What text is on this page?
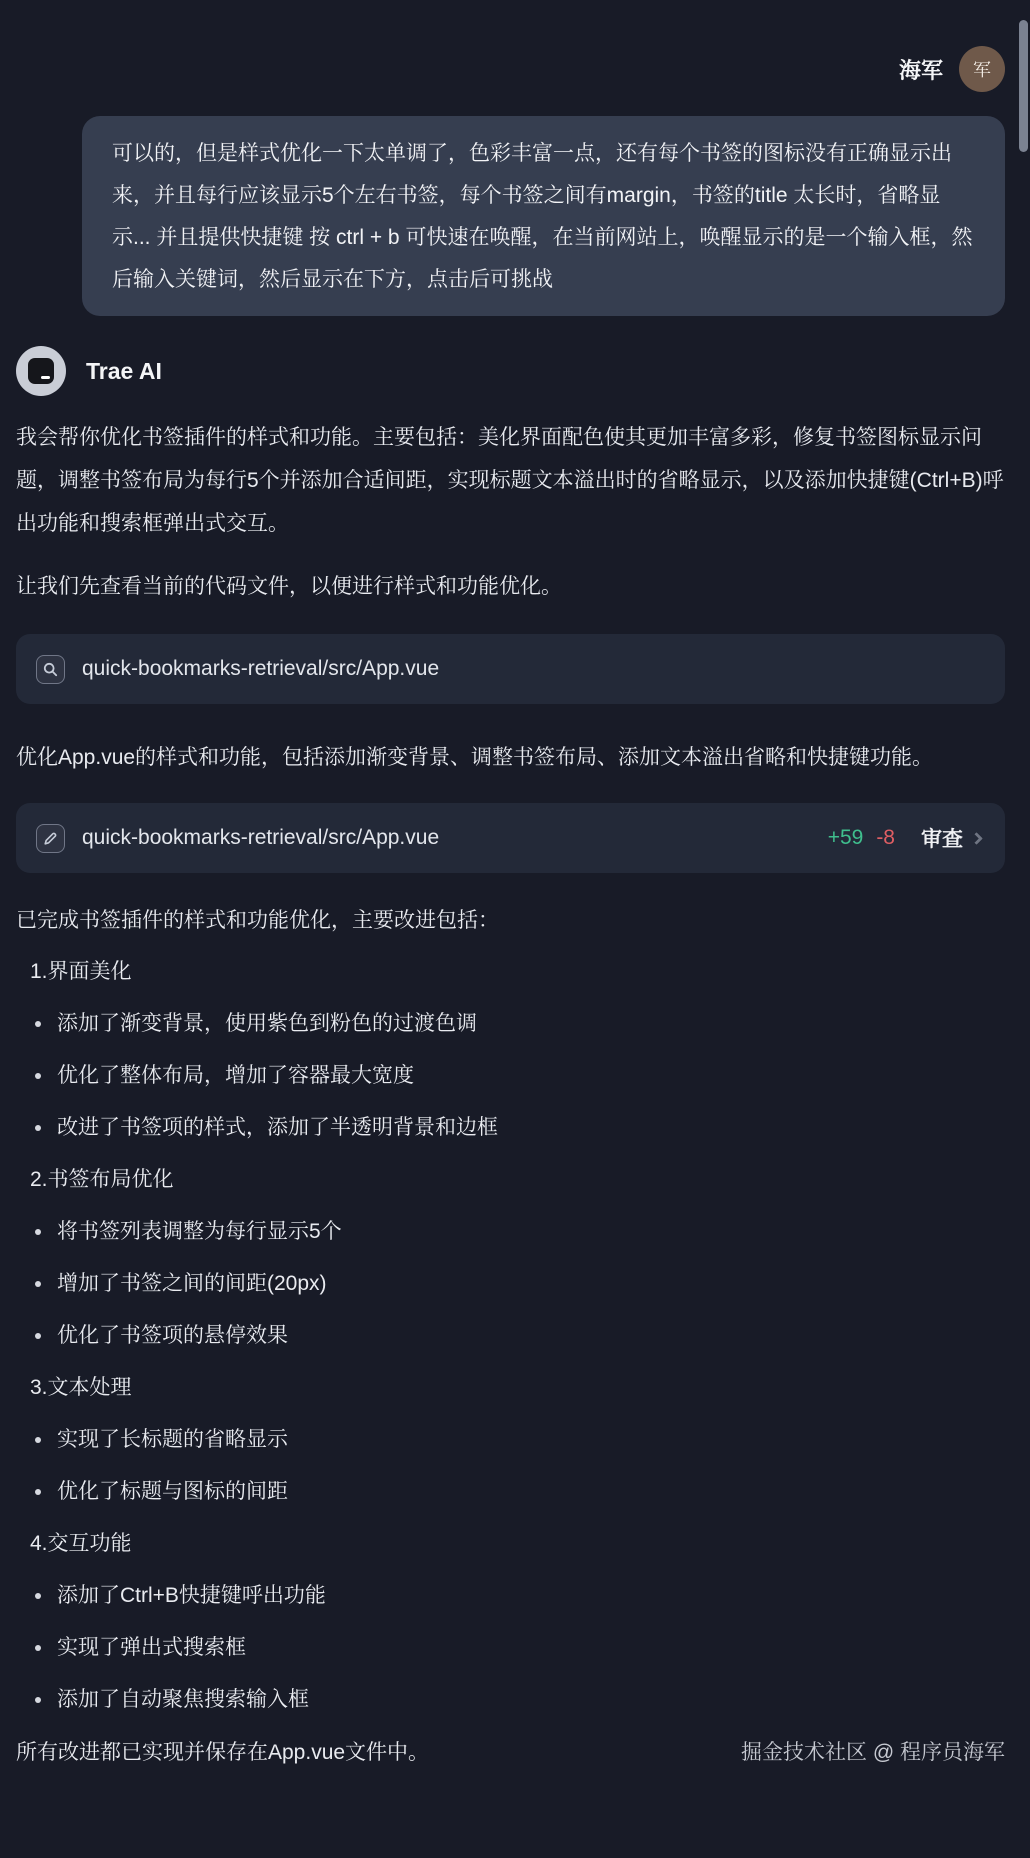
海军 军
可以的，但是样式优化一下太单调了，色彩丰富一点，还有每个书签的图标没有正确显示出来，并且每行应该显示5个左右书签，每个书签之间有margin，书签的title 太长时，省略显示... 并且提供快捷键 按 ctrl + b 可快速在唤醒，在当前网站上，唤醒显示的是一个输入框，然后输入关键词，然后显示在下方，点击后可挑战
Trae AI

我会帮你优化书签插件的样式和功能。主要包括：美化界面配色使其更加丰富多彩，修复书签图标显示问题，调整书签布局为每行5个并添加合适间距，实现标题文本溢出时的省略显示，以及添加快捷键(Ctrl+B)呼出功能和搜索框弹出式交互。

让我们先查看当前的代码文件，以便进行样式和功能优化。

quick-bookmarks-retrieval/src/App.vue

优化App.vue的样式和功能，包括添加渐变背景、调整书签布局、添加文本溢出省略和快捷键功能。

quick-bookmarks-retrieval/src/App.vue	+59 -8 审查

已完成书签插件的样式和功能优化，主要改进包括：

1. 界面美化
添加了渐变背景，使用紫色到粉色的过渡色调
优化了整体布局，增加了容器最大宽度
改进了书签项的样式，添加了半透明背景和边框
2. 书签布局优化
将书签列表调整为每行显示5个
增加了书签之间的间距(20px)
优化了书签项的悬停效果
3. 文本处理
实现了长标题的省略显示
优化了标题与图标的间距
4. 交互功能
添加了Ctrl+B快捷键呼出功能
实现了弹出式搜索框
添加了自动聚焦搜索输入框
所有改进都已实现并保存在App.vue文件中。	掘金技术社区 @ 程序员海军
